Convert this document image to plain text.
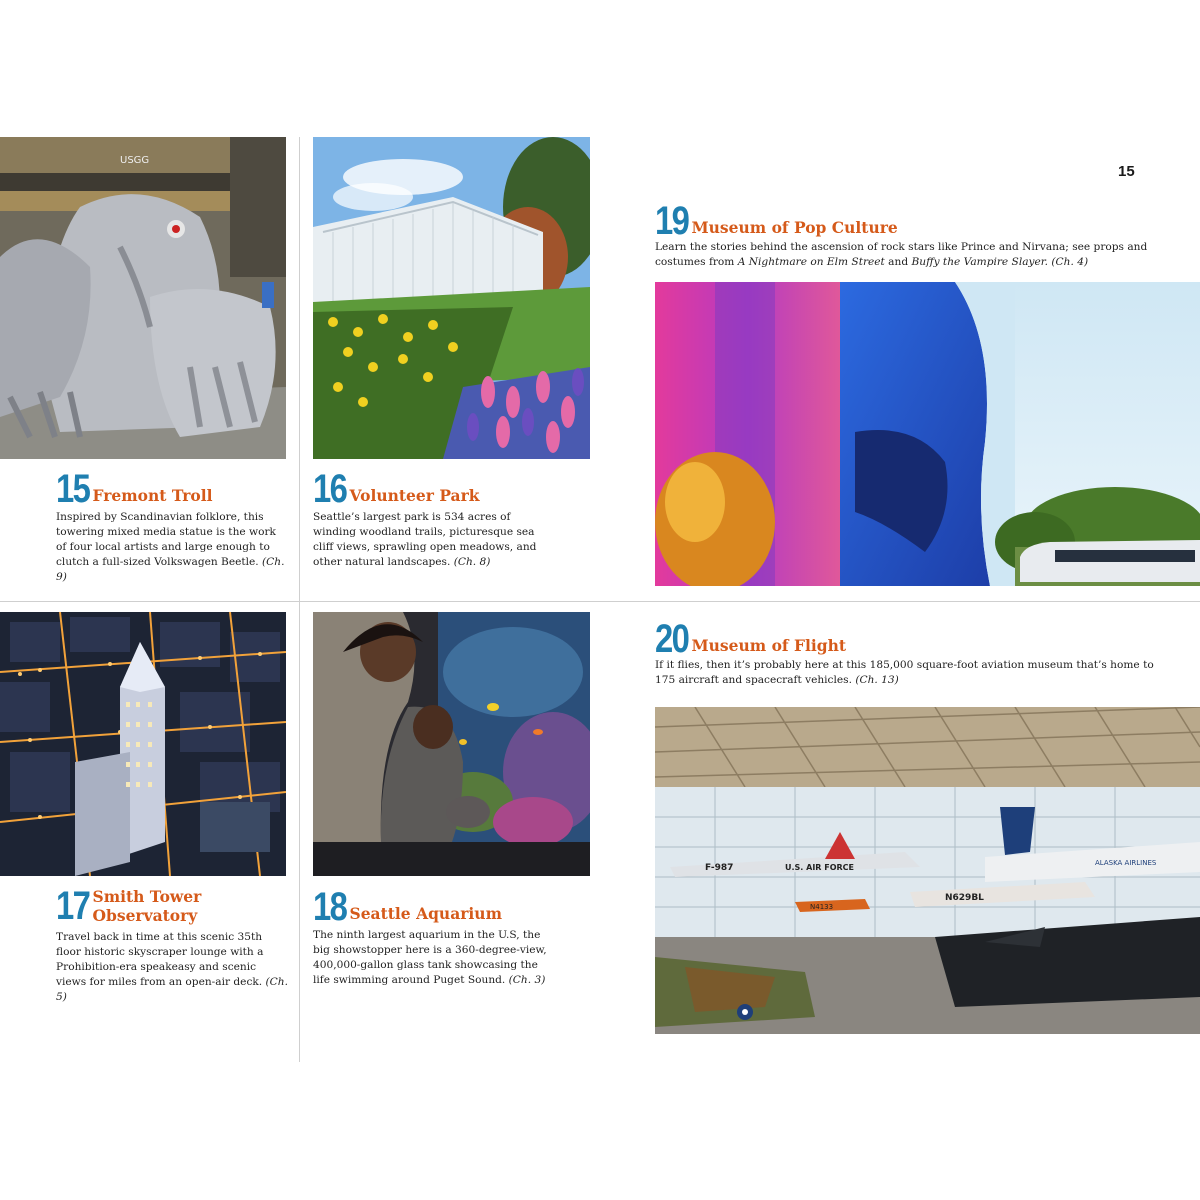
15
USGG
F-987	U.S. AIR FORCE	ALASKA AIRLINES
N629BL
N4133
15 Fremont Troll
Inspired by Scandinavian folklore, this towering mixed media statue is the work of four local artists and large enough to clutch a full-sized Volkswagen Beetle. (Ch. 9)
16 Volunteer Park
Seattle’s largest park is 534 acres of winding woodland trails, picturesque sea cliff views, sprawling open meadows, and other natural landscapes. (Ch. 8)
17 Smith Tower
Observatory
Travel back in time at this scenic 35th floor historic skyscraper lounge with a Prohibition-era speakeasy and scenic views for miles from an open-air deck. (Ch. 5)
18 Seattle Aquarium
The ninth largest aquarium in the U.S, the big showstopper here is a 360-degree-view, 400,000-gallon glass tank showcasing the life swimming around Puget Sound. (Ch. 3)
19 Museum of Pop Culture
Learn the stories behind the ascension of rock stars like Prince and Nirvana; see props and costumes from A Nightmare on Elm Street and Buffy the Vampire Slayer. (Ch. 4)
20 Museum of Flight
If it flies, then it’s probably here at this 185,000 square-foot aviation museum that’s home to 175 aircraft and spacecraft vehicles. (Ch. 13)
